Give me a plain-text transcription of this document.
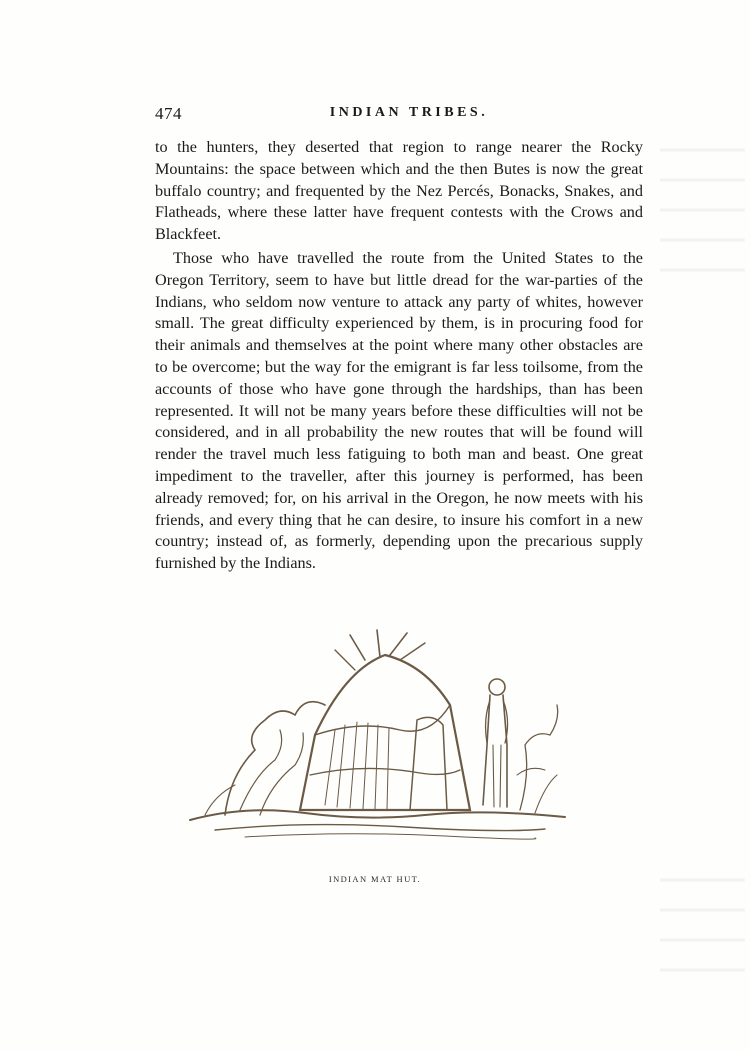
474	INDIAN TRIBES.

to the hunters, they deserted that region to range nearer the Rocky Mountains: the space between which and the then Butes is now the great buffalo country; and frequented by the Nez Percés, Bonacks, Snakes, and Flatheads, where these latter have frequent contests with the Crows and Blackfeet.

Those who have travelled the route from the United States to the Oregon Territory, seem to have but little dread for the war-parties of the Indians, who seldom now venture to attack any party of whites, however small. The great difficulty experienced by them, is in procuring food for their animals and themselves at the point where many other obstacles are to be overcome; but the way for the emigrant is far less toilsome, from the accounts of those who have gone through the hardships, than has been represented. It will not be many years before these difficulties will not be considered, and in all probability the new routes that will be found will render the travel much less fatiguing to both man and beast. One great impediment to the traveller, after this journey is performed, has been already removed; for, on his arrival in the Oregon, he now meets with his friends, and every thing that he can desire, to insure his comfort in a new country; instead of, as formerly, depending upon the precarious supply furnished by the Indians.

INDIAN MAT HUT.
